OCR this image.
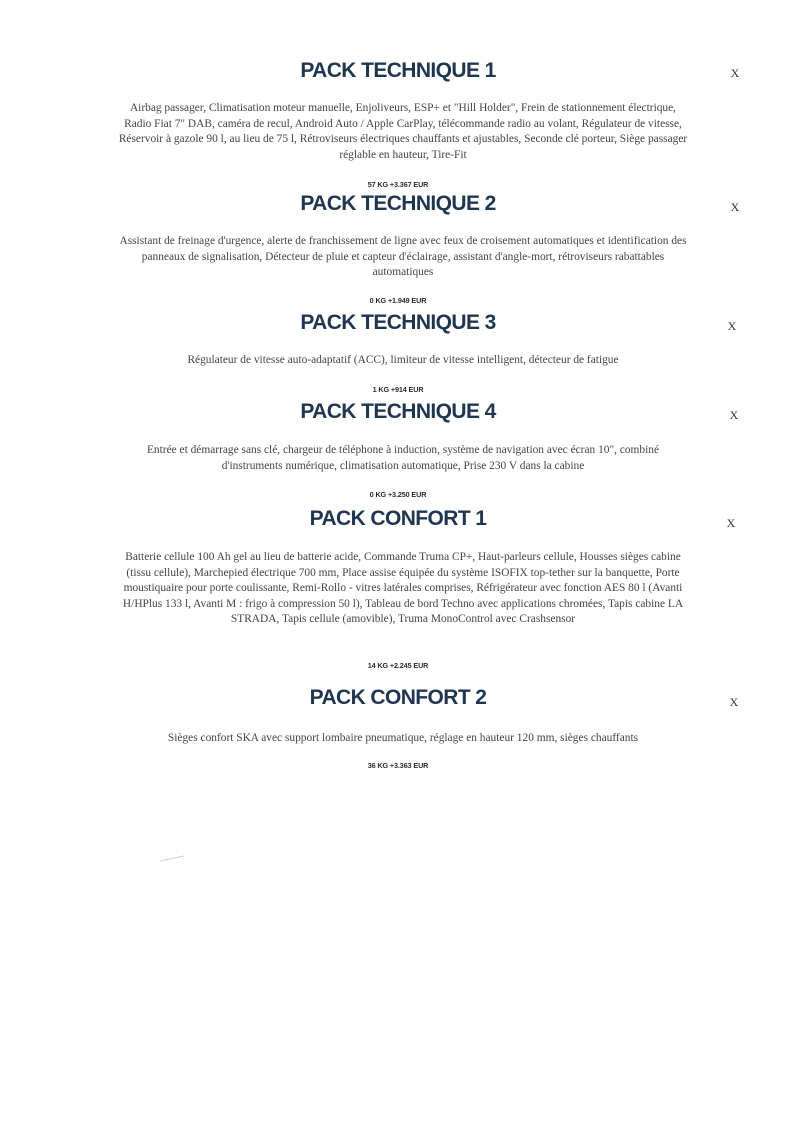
PACK TECHNIQUE 1	X
Airbag passager, Climatisation moteur manuelle, Enjoliveurs, ESP+ et "Hill Holder", Frein de stationnement électrique, Radio Fiat 7" DAB, caméra de recul, Android Auto / Apple CarPlay, télécommande radio au volant, Régulateur de vitesse, Réservoir à gazole 90 l, au lieu de 75 l, Rétroviseurs électriques chauffants et ajustables, Seconde clé porteur, Siège passager réglable en hauteur, Tire-Fit
57 KG +3.367 EUR
PACK TECHNIQUE 2	X
Assistant de freinage d'urgence, alerte de franchissement de ligne avec feux de croisement automatiques et identification des panneaux de signalisation, Détecteur de pluie et capteur d'éclairage, assistant d'angle-mort, rétroviseurs rabattables automatiques
0 KG +1.949 EUR
PACK TECHNIQUE 3	X
Régulateur de vitesse auto-adaptatif (ACC), limiteur de vitesse intelligent, détecteur de fatigue
1 KG +914 EUR
PACK TECHNIQUE 4	X
Entrée et démarrage sans clé, chargeur de téléphone à induction, système de navigation avec écran 10", combiné d'instruments numérique, climatisation automatique, Prise 230 V dans la cabine
0 KG +3.250 EUR
PACK CONFORT 1	X
Batterie cellule 100 Ah gel au lieu de batterie acide, Commande Truma CP+, Haut-parleurs cellule, Housses sièges cabine (tissu cellule), Marchepied électrique 700 mm, Place assise équipée du système ISOFIX top-tether sur la banquette, Porte moustiquaire pour porte coulissante, Remi-Rollo - vitres latérales comprises, Réfrigérateur avec fonction AES 80 l (Avanti H/HPlus 133 l, Avanti M : frigo à compression 50 l), Tableau de bord Techno avec applications chromées, Tapis cabine LA STRADA, Tapis cellule (amovible), Truma MonoControl avec Crashsensor
14 KG +2.245 EUR
PACK CONFORT 2	X
Sièges confort SKA avec support lombaire pneumatique, réglage en hauteur 120 mm, sièges chauffants
36 KG +3.363 EUR
